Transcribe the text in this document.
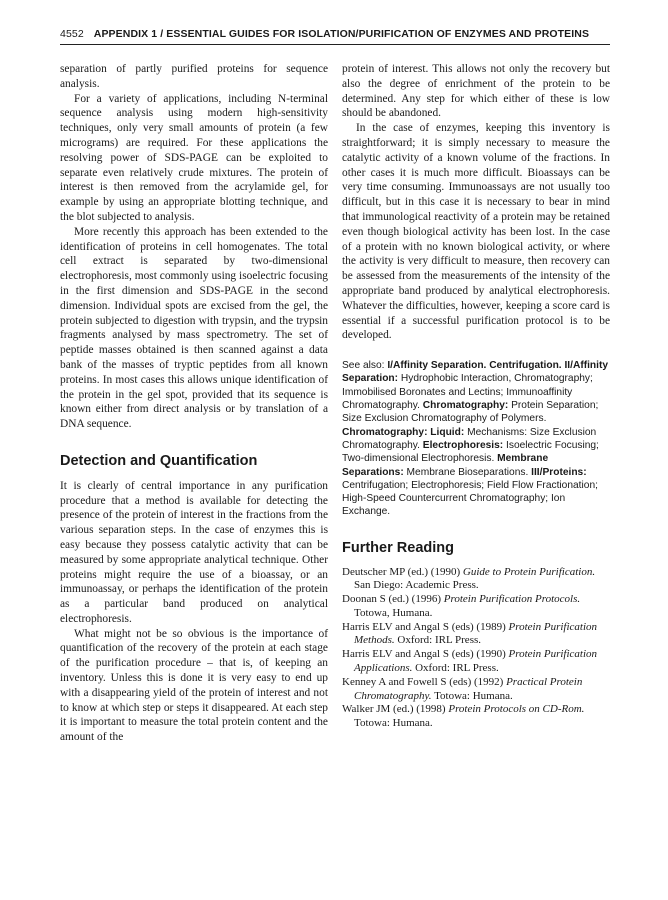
4552 APPENDIX 1 / ESSENTIAL GUIDES FOR ISOLATION/PURIFICATION OF ENZYMES AND PROTEINS

separation of partly purified proteins for sequence analysis.

For a variety of applications, including N-terminal sequence analysis using modern high-sensitivity techniques, only very small amounts of protein (a few micrograms) are required. For these applications the resolving power of SDS-PAGE can be exploited to separate even relatively crude mixtures. The protein of interest is then removed from the acrylamide gel, for example by using an appropriate blotting technique, and the blot subjected to analysis.

More recently this approach has been extended to the identification of proteins in cell homogenates. The total cell extract is separated by two-dimensional electrophoresis, most commonly using isoelectric focusing in the first dimension and SDS-PAGE in the second dimension. Individual spots are excised from the gel, the protein subjected to digestion with trypsin, and the trypsin fragments analysed by mass spectrometry. The set of peptide masses obtained is then scanned against a data bank of the masses of tryptic peptides from all known proteins. In most cases this allows unique identification of the protein in the gel spot, provided that its sequence is known either from direct analysis or by translation of a DNA sequence.

Detection and Quantification

It is clearly of central importance in any purification procedure that a method is available for detecting the presence of the protein of interest in the fractions from the various separation steps. In the case of enzymes this is easy because they possess catalytic activity that can be measured by some appropriate analytical technique. Other proteins might require the use of a bioassay, or an immunoassay, or perhaps the identification of the protein as a particular band produced on analytical electrophoresis.

What might not be so obvious is the importance of quantification of the recovery of the protein at each stage of the purification procedure – that is, of keeping an inventory. Unless this is done it is very easy to end up with a disappearing yield of the protein of interest and not to know at which step or steps it disappeared. At each step it is important to measure the total protein content and the amount of the

protein of interest. This allows not only the recovery but also the degree of enrichment of the protein to be determined. Any step for which either of these is low should be abandoned.

In the case of enzymes, keeping this inventory is straightforward; it is simply necessary to measure the catalytic activity of a known volume of the fractions. In other cases it is much more difficult. Bioassays can be very time consuming. Immunoassays are not usually too difficult, but in this case it is necessary to bear in mind that immunological reactivity of a protein may be retained even though biological activity has been lost. In the case of a protein with no known biological activity, or where the activity is very difficult to measure, then recovery can be assessed from the measurements of the intensity of the appropriate band produced by analytical electrophoresis. Whatever the difficulties, however, keeping a score card is essential if a successful purification protocol is to be developed.

See also: I/Affinity Separation. Centrifugation. II/Affinity Separation: Hydrophobic Interaction, Chromatography; Immobilised Boronates and Lectins; Immunoaffinity Chromatography. Chromatography: Protein Separation; Size Exclusion Chromatography of Polymers. Chromatography: Liquid: Mechanisms: Size Exclusion Chromatography. Electrophoresis: Isoelectric Focusing; Two-dimensional Electrophoresis. Membrane Separations: Membrane Bioseparations. III/Proteins: Centrifugation; Electrophoresis; Field Flow Fractionation; High-Speed Countercurrent Chromatography; Ion Exchange.
Further Reading

Deutscher MP (ed.) (1990) Guide to Protein Purification. San Diego: Academic Press.

Doonan S (ed.) (1996) Protein Purification Protocols. Totowa, Humana.

Harris ELV and Angal S (eds) (1989) Protein Purification Methods. Oxford: IRL Press.

Harris ELV and Angal S (eds) (1990) Protein Purification Applications. Oxford: IRL Press.

Kenney A and Fowell S (eds) (1992) Practical Protein Chromatography. Totowa: Humana.

Walker JM (ed.) (1998) Protein Protocols on CD-Rom. Totowa: Humana.
